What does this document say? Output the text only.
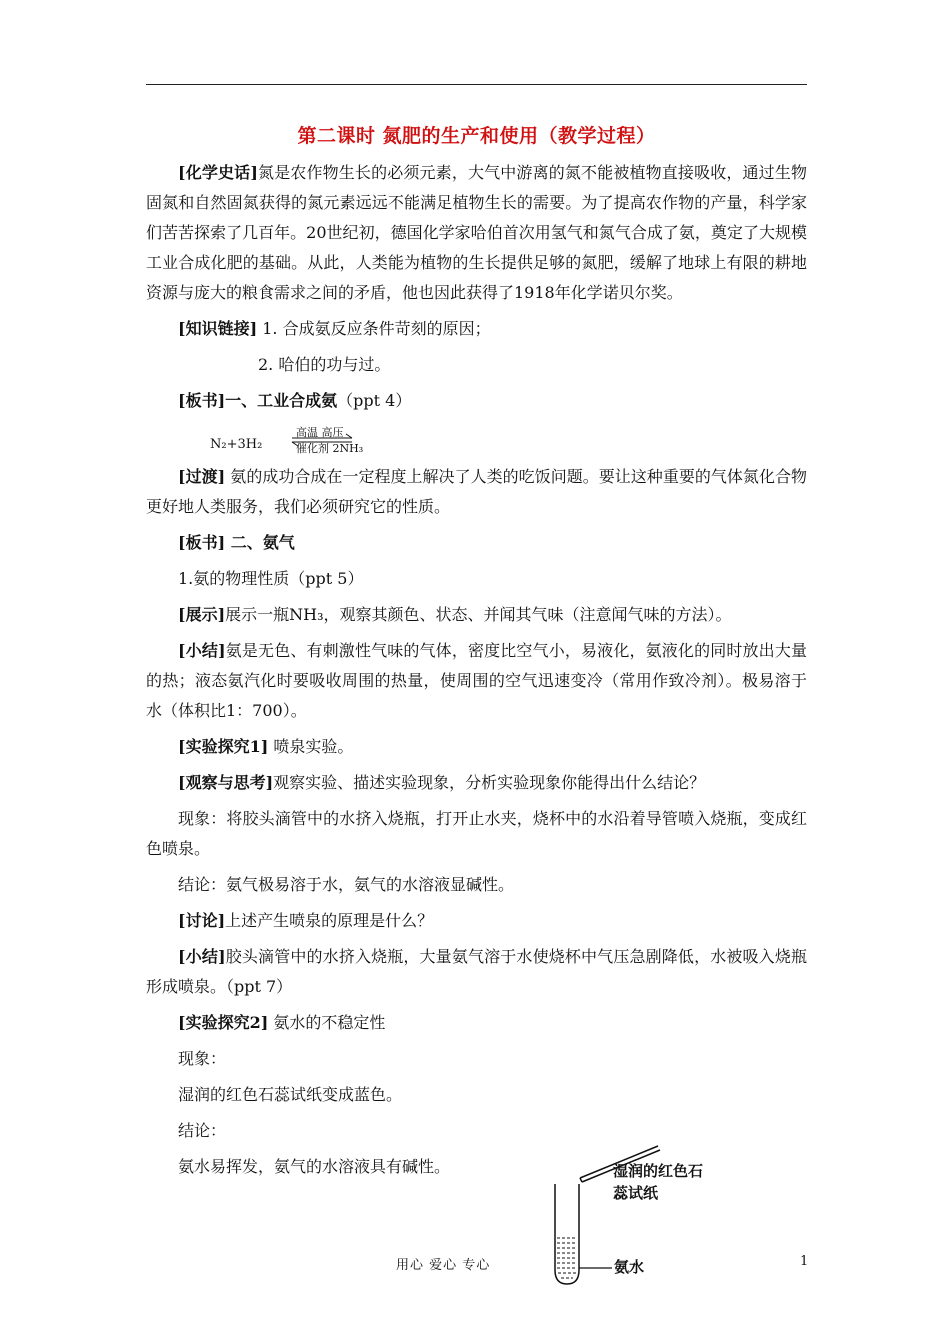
第二课时 氮肥的生产和使用（教学过程）

[化学史话]氮是农作物生长的必须元素，大气中游离的氮不能被植物直接吸收，通过生物固氮和自然固氮获得的氮元素远远不能满足植物生长的需要。为了提高农作物的产量，科学家们苦苦探索了几百年。20世纪初，德国化学家哈伯首次用氢气和氮气合成了氨，奠定了大规模工业合成化肥的基础。从此，人类能为植物的生长提供足够的氮肥，缓解了地球上有限的耕地资源与庞大的粮食需求之间的矛盾，他也因此获得了1918年化学诺贝尔奖。

[知识链接] 1. 合成氨反应条件苛刻的原因；

2. 哈伯的功与过。

[板书]一、工业合成氨（ppt 4）

N₂+3H₂
高温 高压
催化剂 2NH₃

[过渡] 氨的成功合成在一定程度上解决了人类的吃饭问题。要让这种重要的气体氮化合物更好地人类服务，我们必须研究它的性质。

[板书] 二、氨气

1.氨的物理性质（ppt 5）

[展示]展示一瓶NH₃，观察其颜色、状态、并闻其气味（注意闻气味的方法）。

[小结]氨是无色、有刺激性气味的气体，密度比空气小，易液化，氨液化的同时放出大量的热；液态氨汽化时要吸收周围的热量，使周围的空气迅速变冷（常用作致冷剂）。极易溶于水（体积比1：700）。

[实验探究1] 喷泉实验。

[观察与思考]观察实验、描述实验现象，分析实验现象你能得出什么结论？

现象：将胶头滴管中的水挤入烧瓶，打开止水夹，烧杯中的水沿着导管喷入烧瓶，变成红色喷泉。

结论：氨气极易溶于水，氨气的水溶液显碱性。

[讨论]上述产生喷泉的原理是什么？

[小结]胶头滴管中的水挤入烧瓶，大量氨气溶于水使烧杯中气压急剧降低，水被吸入烧瓶形成喷泉。（ppt 7）

[实验探究2] 氨水的不稳定性

现象：

湿润的红色石蕊试纸变成蓝色。

结论：

氨水易挥发，氨气的水溶液具有碱性。	湿润的红色石蕊试纸
氨水
用心 爱心 专心	1
